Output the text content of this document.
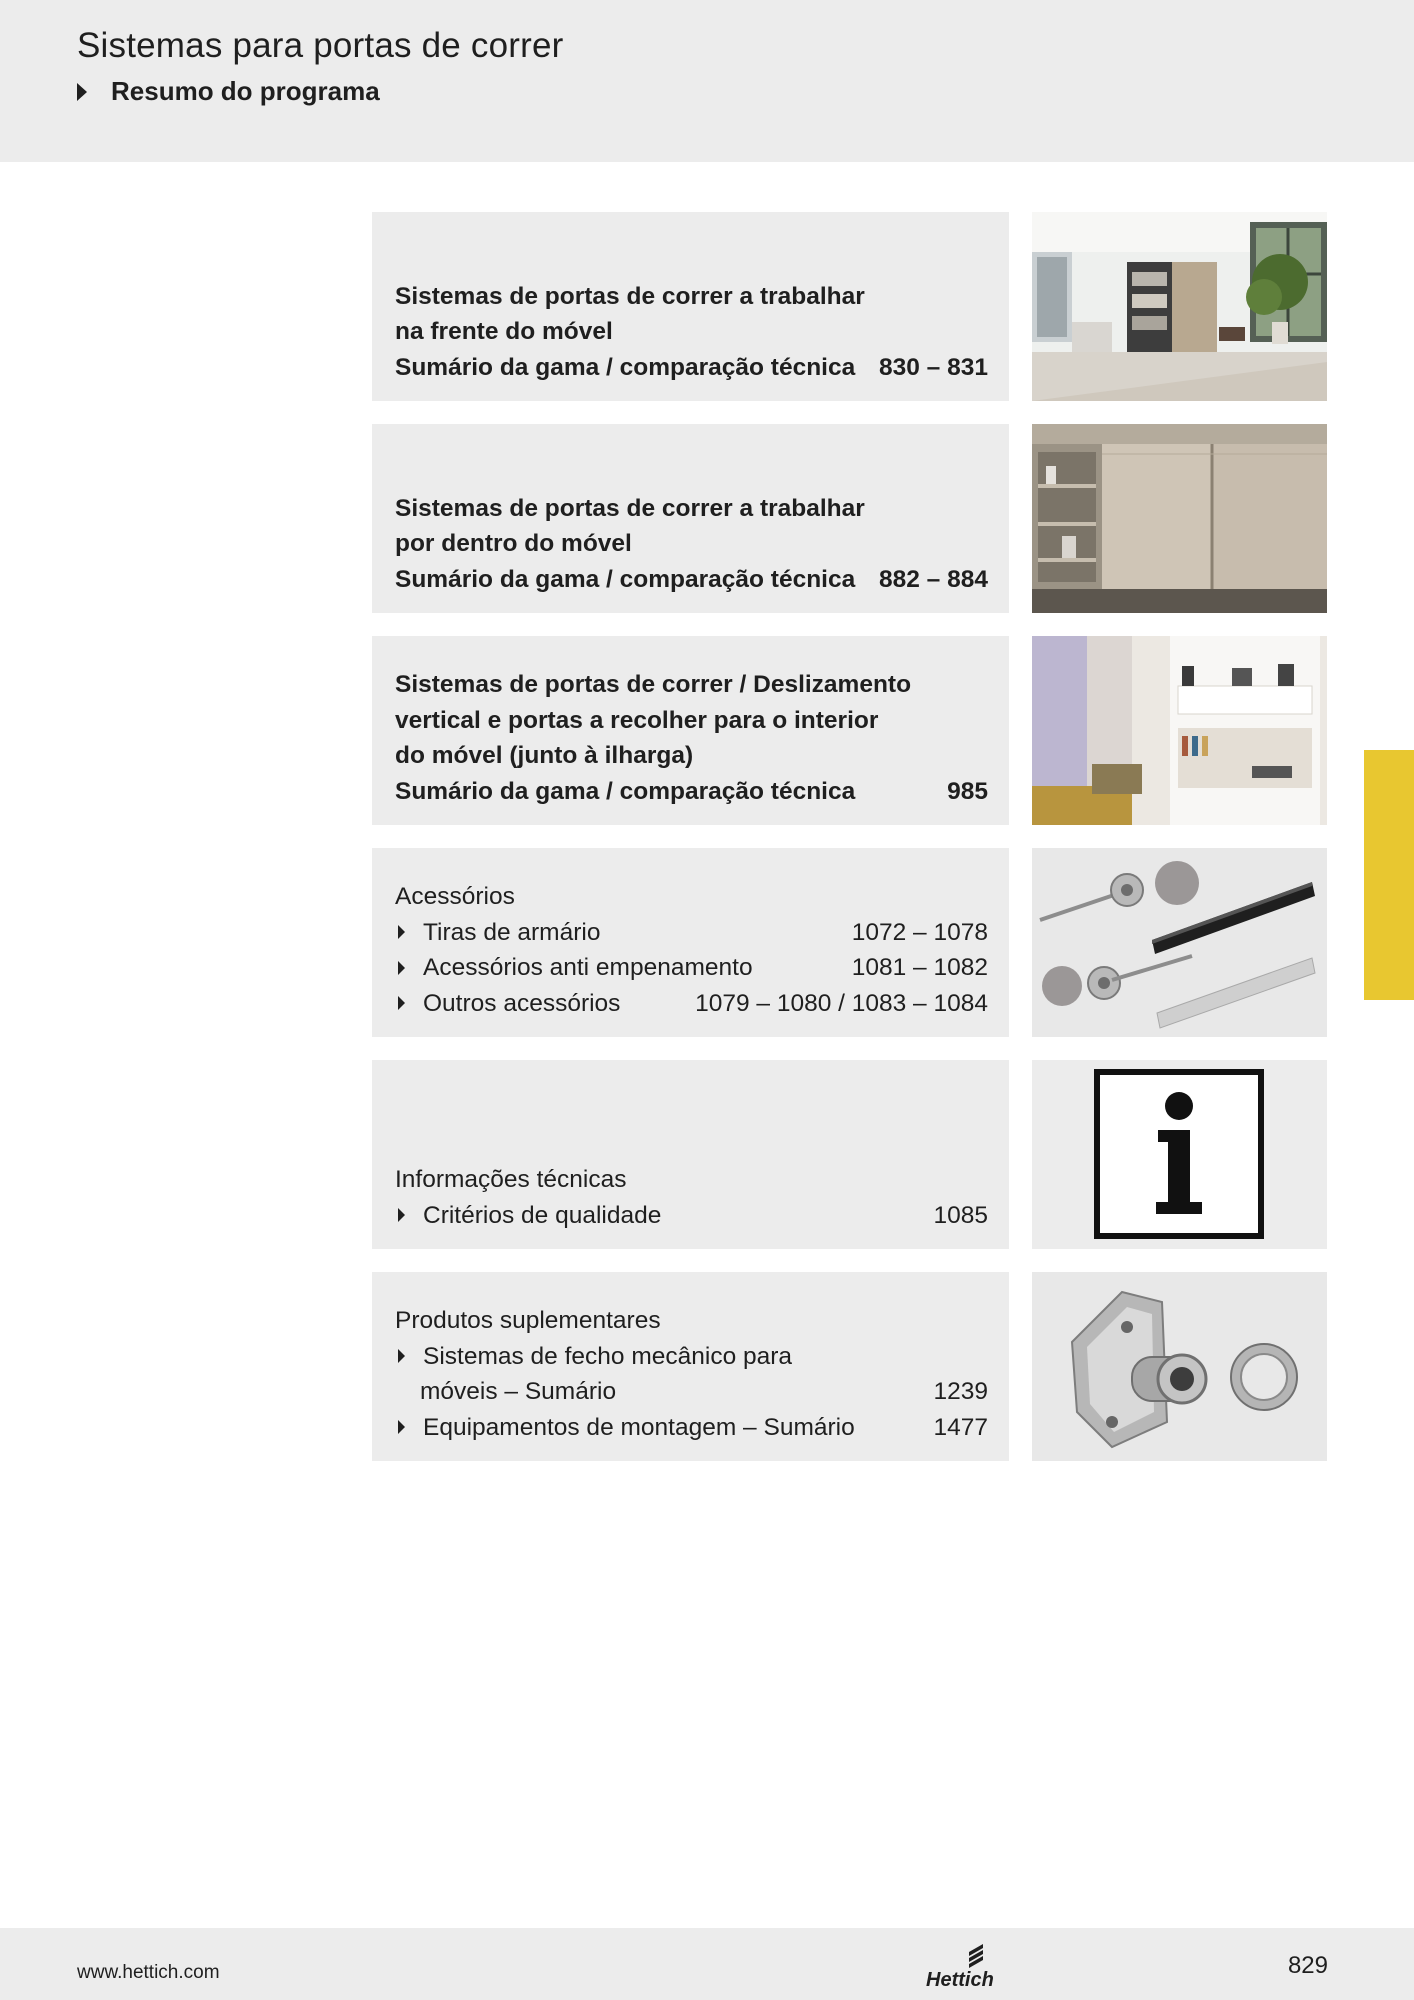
Sistemas para portas de correr
Resumo do programa
Sistemas de portas de correr a trabalhar
na frente do móvel
Sumário da gama / comparação técnica 830 – 831
Sistemas de portas de correr a trabalhar
por dentro do móvel
Sumário da gama / comparação técnica 882 – 884
Sistemas de portas de correr / Deslizamento
vertical e portas a recolher para o interior
do móvel (junto à ilharga)
Sumário da gama / comparação técnica	985
Acessórios
Tiras de armário	1072 – 1078
Acessórios anti empenamento	1081 – 1082
Outros acessórios	1079 – 1080 / 1083 – 1084
Informações técnicas
Critérios de qualidade	1085
Produtos suplementares
Sistemas de fecho mecânico para
móveis – Sumário	1239
Equipamentos de montagem – Sumário	1477
www.hettich.com	Hettich
829
